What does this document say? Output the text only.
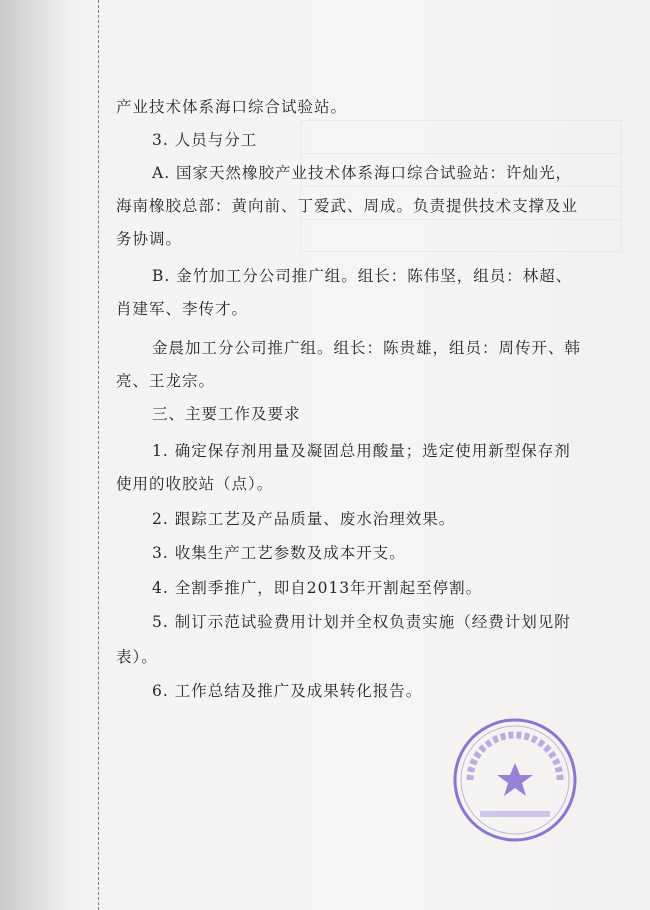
产业技术体系海口综合试验站。
3. 人员与分工
A. 国家天然橡胶产业技术体系海口综合试验站：许灿光，
海南橡胶总部：黄向前、丁爱武、周成。负责提供技术支撑及业
务协调。
B. 金竹加工分公司推广组。组长：陈伟坚，组员：林超、
肖建军、李传才。
金晨加工分公司推广组。组长：陈贵雄，组员：周传开、韩
亮、王龙宗。
三、主要工作及要求
1. 确定保存剂用量及凝固总用酸量；选定使用新型保存剂
使用的收胶站（点）。
2. 跟踪工艺及产品质量、废水治理效果。
3. 收集生产工艺参数及成本开支。
4. 全割季推广，即自2013年开割起至停割。
5. 制订示范试验费用计划并全权负责实施（经费计划见附
表）。
6. 工作总结及推广及成果转化报告。
